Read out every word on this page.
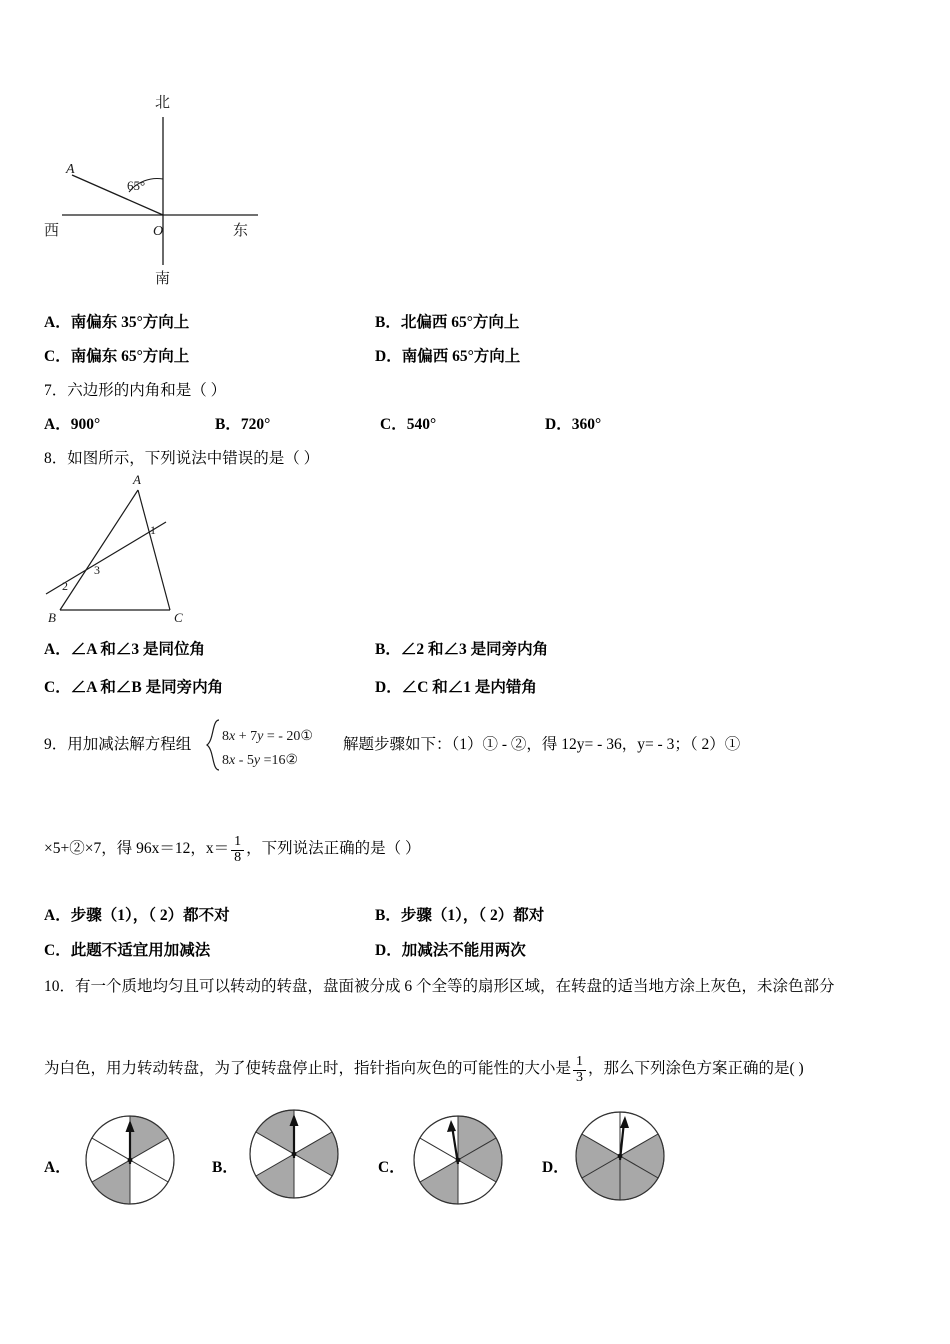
北
南
西	东
A
O
65°
A．南偏东 35°方向上	B．北偏西 65°方向上
C．南偏东 65°方向上	D．南偏西 65°方向上
7．六边形的内角和是（ ）
A．900°	B．720°	C．540°	D．360°
8．如图所示，下列说法中错误的是（ ）
A
B	C
1
2
3
A．∠A 和∠3 是同位角	B．∠2 和∠3 是同旁内角
C．∠A 和∠B 是同旁内角	D．∠C 和∠1 是内错角
9．用加减法解方程组	8x + 7y = - 20①
8x - 5y =16②
解题步骤如下：（1）① - ②，得 12y= - 36，y= - 3；（ 2）①
×5+②×7，得 96x＝12，$x= \frac{1}{8}$ ，下列说法正确的是（ ）
A．步骤（1），（ 2）都不对	B．步骤（1），（ 2）都对
C．此题不适宜用加减法	D．加减法不能用两次
10．有一个质地均匀且可以转动的转盘，盘面被分成 6 个全等的扇形区域，在转盘的适当地方涂上灰色，未涂色部分
为白色，用力转动转盘，为了使转盘停止时，指针指向灰色的可能性的大小是 $\frac{1}{3}$ ，那么下列涂色方案正确的是( )
A．	B．	C．	D．
